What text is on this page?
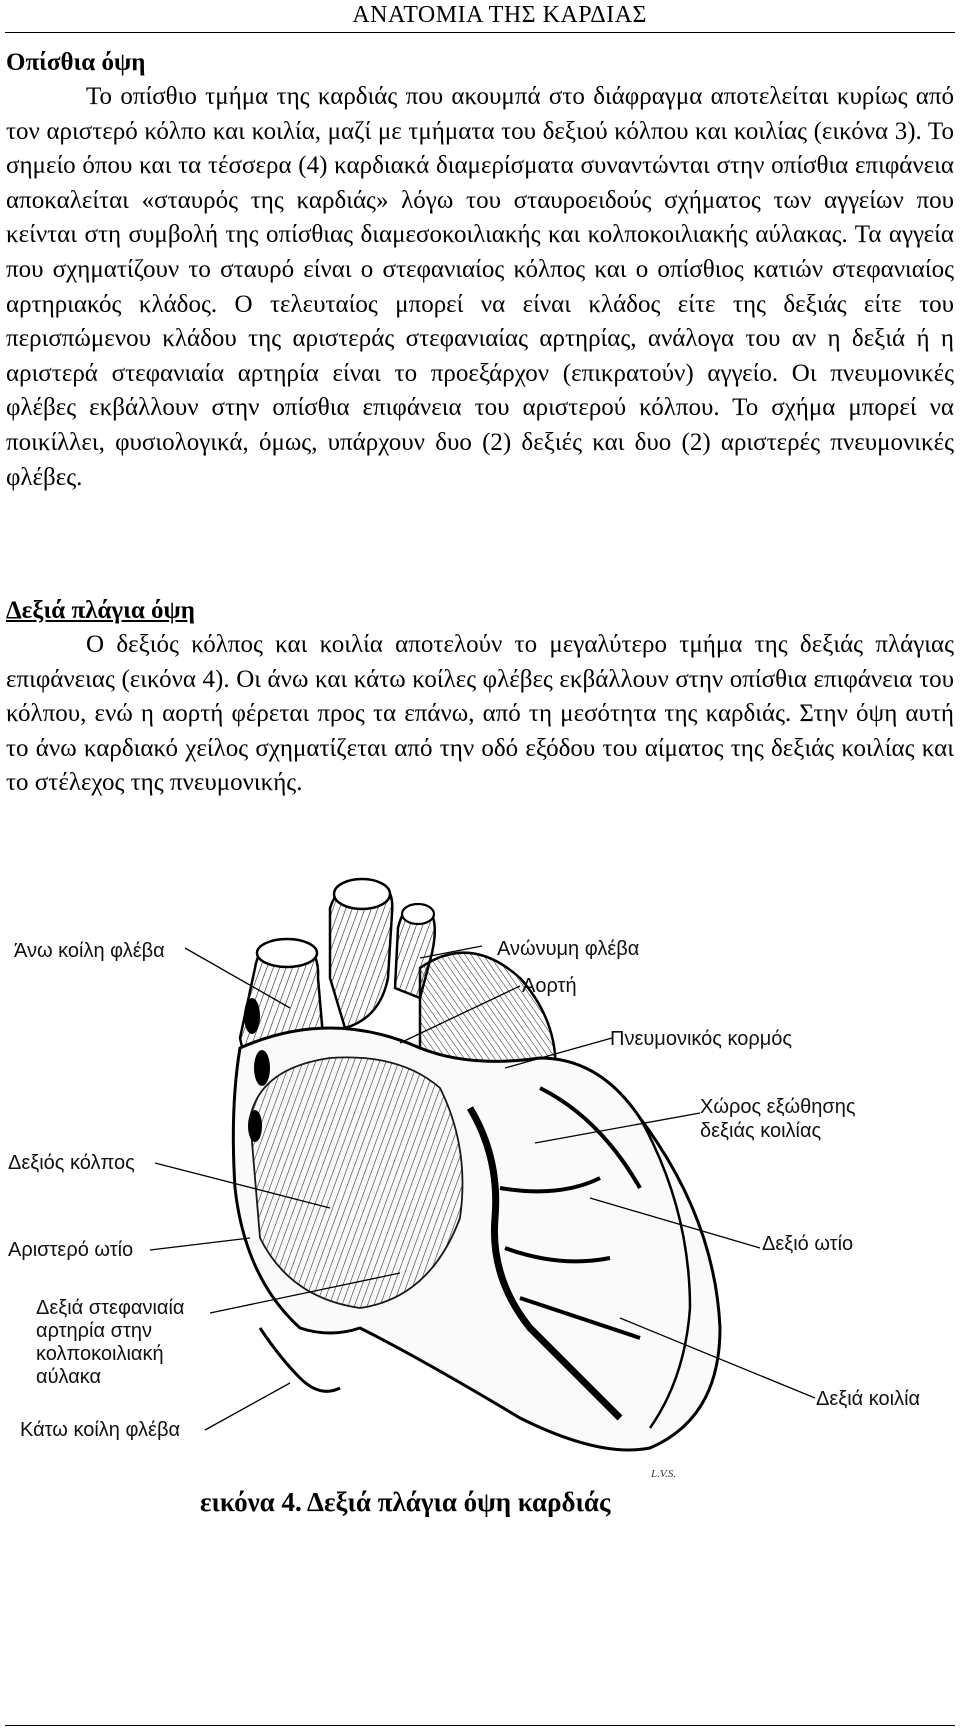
ΑΝΑΤΟΜΙΑ ΤΗΣ ΚΑΡΔΙΑΣ
Οπίσθια όψη

Το οπίσθιο τμήμα της καρδιάς που ακουμπά στο διάφραγμα αποτελείται κυρίως από τον αριστερό κόλπο και κοιλία, μαζί με τμήματα του δεξιού κόλπου και κοιλίας (εικόνα 3). Το σημείο όπου και τα τέσσερα (4) καρδιακά διαμερίσματα συναντώνται στην οπίσθια επιφάνεια αποκαλείται «σταυρός της καρδιάς» λόγω του σταυροειδούς σχήματος των αγγείων που κείνται στη συμβολή της οπίσθιας διαμεσοκοιλιακής και κολποκοιλιακής αύλακας. Τα αγγεία που σχηματίζουν το σταυρό είναι ο στεφανιαίος κόλπος και ο οπίσθιος κατιών στεφανιαίος αρτηριακός κλάδος. Ο τελευταίος μπορεί να είναι κλάδος είτε της δεξιάς είτε του περισπώμενου κλάδου της αριστεράς στεφανιαίας αρτηρίας, ανάλογα του αν η δεξιά ή η αριστερά στεφανιαία αρτηρία είναι το προεξάρχον (επικρατούν) αγγείο. Οι πνευμονικές φλέβες εκβάλλουν στην οπίσθια επιφάνεια του αριστερού κόλπου. Το σχήμα μπορεί να ποικίλλει, φυσιολογικά, όμως, υπάρχουν δυο (2) δεξιές και δυο (2) αριστερές πνευμονικές φλέβες.

Δεξιά πλάγια όψη

Ο δεξιός κόλπος και κοιλία αποτελούν το μεγαλύτερο τμήμα της δεξιάς πλάγιας επιφάνειας (εικόνα 4). Οι άνω και κάτω κοίλες φλέβες εκβάλλουν στην οπίσθια επιφάνεια του κόλπου, ενώ η αορτή φέρεται προς τα επάνω, από τη μεσότητα της καρδιάς. Στην όψη αυτή το άνω καρδιακό χείλος σχηματίζεται από την οδό εξόδου του αίματος της δεξιάς κοιλίας και το στέλεχος της πνευμονικής.

Ανώνυμη φλέβα
Άνω κοίλη φλέβα
Αορτή
Πνευμονικός κορμός
Χώρος εξώθησης
δεξιάς κοιλίας
Δεξιός κόλπος
Δεξιό ωτίο
Αριστερό ωτίο
Δεξιά στεφανιαία
αρτηρία στην
κολποκοιλιακή
αύλακα
Δεξιά κοιλία
Κάτω κοίλη φλέβα
L.V.S.
εικόνα 4. Δεξιά πλάγια όψη καρδιάς
